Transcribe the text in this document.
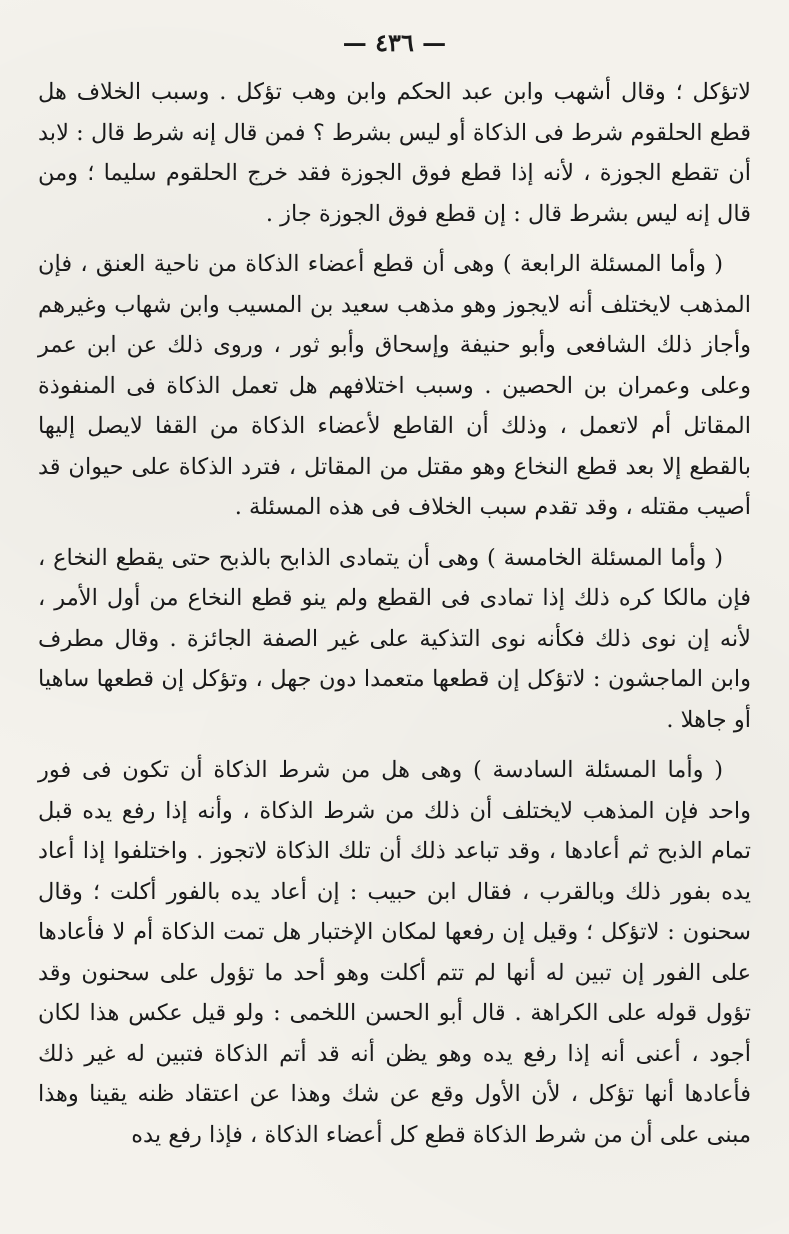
— ٤٣٦ —

لاتؤكل ؛ وقال أشهب وابن عبد الحكم وابن وهب تؤكل . وسبب الخلاف هل قطع الحلقوم شرط فى الذكاة أو ليس بشرط ؟ فمن قال إنه شرط قال : لابد أن تقطع الجوزة ، لأنه إذا قطع فوق الجوزة فقد خرج الحلقوم سليما ؛ ومن قال إنه ليس بشرط قال : إن قطع فوق الجوزة جاز .

( وأما المسئلة الرابعة ) وهى أن قطع أعضاء الذكاة من ناحية العنق ، فإن المذهب لايختلف أنه لايجوز وهو مذهب سعيد بن المسيب وابن شهاب وغيرهم وأجاز ذلك الشافعى وأبو حنيفة وإسحاق وأبو ثور ، وروى ذلك عن ابن عمر وعلى وعمران بن الحصين . وسبب اختلافهم هل تعمل الذكاة فى المنفوذة المقاتل أم لاتعمل ، وذلك أن القاطع لأعضاء الذكاة من القفا لايصل إليها بالقطع إلا بعد قطع النخاع وهو مقتل من المقاتل ، فترد الذكاة على حيوان قد أصيب مقتله ، وقد تقدم سبب الخلاف فى هذه المسئلة .

( وأما المسئلة الخامسة ) وهى أن يتمادى الذابح بالذبح حتى يقطع النخاع ، فإن مالكا كره ذلك إذا تمادى فى القطع ولم ينو قطع النخاع من أول الأمر ، لأنه إن نوى ذلك فكأنه نوى التذكية على غير الصفة الجائزة . وقال مطرف وابن الماجشون : لاتؤكل إن قطعها متعمدا دون جهل ، وتؤكل إن قطعها ساهيا أو جاهلا .

( وأما المسئلة السادسة ) وهى هل من شرط الذكاة أن تكون فى فور واحد فإن المذهب لايختلف أن ذلك من شرط الذكاة ، وأنه إذا رفع يده قبل تمام الذبح ثم أعادها ، وقد تباعد ذلك أن تلك الذكاة لاتجوز . واختلفوا إذا أعاد يده بفور ذلك وبالقرب ، فقال ابن حبيب : إن أعاد يده بالفور أكلت ؛ وقال سحنون : لاتؤكل ؛ وقيل إن رفعها لمكان الإختبار هل تمت الذكاة أم لا فأعادها على الفور إن تبين له أنها لم تتم أكلت وهو أحد ما تؤول على سحنون وقد تؤول قوله على الكراهة . قال أبو الحسن اللخمى : ولو قيل عكس هذا لكان أجود ، أعنى أنه إذا رفع يده وهو يظن أنه قد أتم الذكاة فتبين له غير ذلك فأعادها أنها تؤكل ، لأن الأول وقع عن شك وهذا عن اعتقاد ظنه يقينا وهذا مبنى على أن من شرط الذكاة قطع كل أعضاء الذكاة ، فإذا رفع يده
